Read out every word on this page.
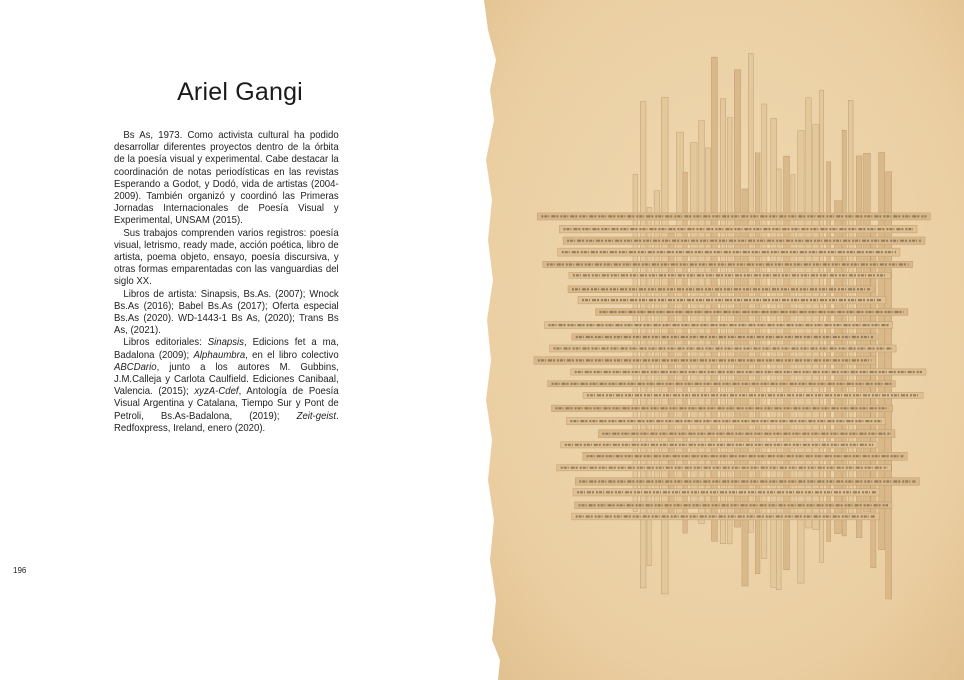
Ariel Gangi

Bs As, 1973. Como activista cultural ha podido desarrollar diferentes proyectos dentro de la órbita de la poesía visual y experimental. Cabe destacar la coordinación de notas periodísticas en las revistas Esperando a Godot, y Dodó, vida de artistas (2004-2009). También organizó y coordinó las Primeras Jornadas Internacionales de Poesía Visual y Experimental, UNSAM (2015).

Sus trabajos comprenden varios registros: poesía visual, letrismo, ready made, acción poética, libro de artista, poema objeto, ensayo, poesía discursiva, y otras formas emparentadas con las vanguardias del siglo XX.

Libros de artista: Sinapsis, Bs.As. (2007); Wnock Bs.As (2016); Babel Bs.As (2017); Oferta especial Bs.As (2020). WD-1443-1 Bs As, (2020); Trans Bs As, (2021).

Libros editoriales: Sinapsis, Edicions fet a ma, Badalona (2009); Alphaumbra, en el libro colectivo ABCDario, junto a los autores M. Gubbins, J.M.Calleja y Carlota Caulfield. Ediciones Canibaal, Valencia. (2015); xyzA-Cdef, Antología de Poesía Visual Argentina y Catalana, Tiempo Sur y Pont de Petroli, Bs.As-Badalona, (2019); Zeit-geist. Redfoxpress, Ireland, enero (2020).

196
